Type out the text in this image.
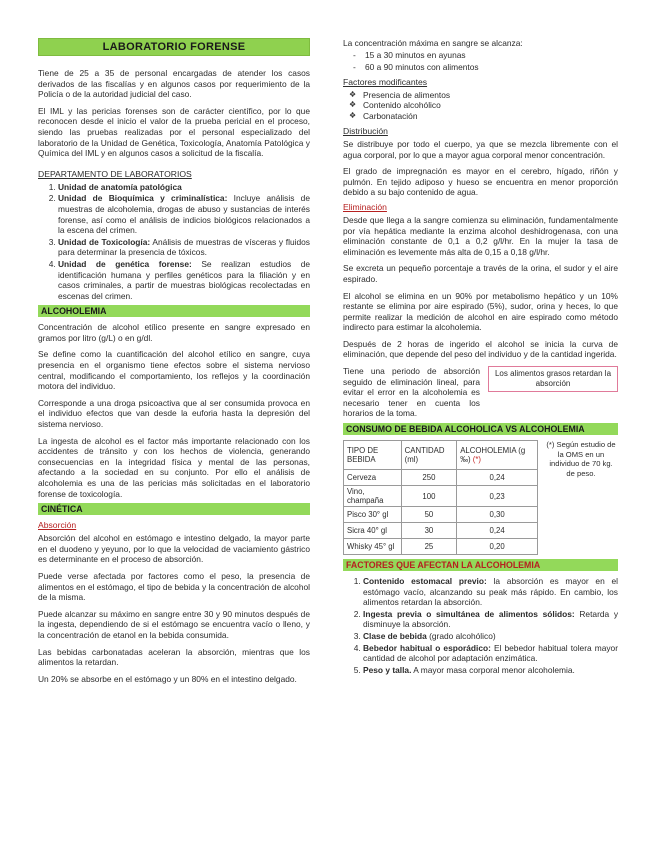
LABORATORIO FORENSE

Tiene de 25 a 35 de personal encargadas de atender los casos derivados de las fiscalías y en algunos casos por requerimiento de la Policía o de la autoridad judicial del caso.

El IML y las pericias forenses son de carácter científico, por lo que reconocen desde el inicio el valor de la prueba pericial en el proceso, siendo las pruebas realizadas por el personal especializado del laboratorio de la Unidad de Genética, Toxicología, Anatomía Patológica y Química del IML y en algunos casos a solicitud de la fiscalía.

DEPARTAMENTO DE LABORATORIOS
1. Unidad de anatomía patológica
2. Unidad de Bioquímica y criminalística: Incluye análisis de muestras de alcoholemia, drogas de abuso y sustancias de interés forense, así como el análisis de indicios biológicos relacionados a la escena del crimen.
3. Unidad de Toxicología: Análisis de muestras de vísceras y fluidos para determinar la presencia de tóxicos.
4. Unidad de genética forense: Se realizan estudios de identificación humana y perfiles genéticos para la filiación y en casos criminales, a partir de muestras biológicas recolectadas en escenas del crimen.
ALCOHOLEMIA

Concentración de alcohol etílico presente en sangre expresado en gramos por litro (g/L) o en g/dl.

Se define como la cuantificación del alcohol etílico en sangre, cuya presencia en el organismo tiene efectos sobre el sistema nervioso central, modificando el comportamiento, los reflejos y la coordinación motora del individuo.

Corresponde a una droga psicoactiva que al ser consumida provoca en el individuo efectos que van desde la euforia hasta la depresión del sistema nervioso.

La ingesta de alcohol es el factor más importante relacionado con los accidentes de tránsito y con los hechos de violencia, generando consecuencias en la integridad física y mental de las personas, afectando a la sociedad en su conjunto. Por ello el análisis de alcoholemia es una de las pericias más solicitadas en el laboratorio forense de toxicología.

CINÉTICA
Absorción

Absorción del alcohol en estómago e intestino delgado, la mayor parte en el duodeno y yeyuno, por lo que la velocidad de vaciamiento gástrico es determinante en el proceso de absorción.

Puede verse afectada por factores como el peso, la presencia de alimentos en el estómago, el tipo de bebida y la concentración de alcohol de la misma.

Puede alcanzar su máximo en sangre entre 30 y 90 minutos después de la ingesta, dependiendo de si el estómago se encuentra vacío o lleno, y la concentración de etanol en la bebida consumida.

Las bebidas carbonatadas aceleran la absorción, mientras que los alimentos la retardan.

Un 20% se absorbe en el estómago y un 80% en el intestino delgado.

La concentración máxima en sangre se alcanza:

- 15 a 30 minutos en ayunas
- 60 a 90 minutos con alimentos
Factores modificantes
❖ Presencia de alimentos
❖ Contenido alcohólico
❖ Carbonatación
Distribución

Se distribuye por todo el cuerpo, ya que se mezcla libremente con el agua corporal, por lo que a mayor agua corporal menor concentración.

El grado de impregnación es mayor en el cerebro, hígado, riñón y pulmón. En tejido adiposo y hueso se encuentra en menor proporción debido a su bajo contenido de agua.

Eliminación

Desde que llega a la sangre comienza su eliminación, fundamentalmente por vía hepática mediante la enzima alcohol deshidrogenasa, con una eliminación constante de 0,1 a 0,2 g/l/hr. En la mujer la tasa de eliminación es levemente más alta de 0,15 a 0,18 g/l/hr.

Se excreta un pequeño porcentaje a través de la orina, el sudor y el aire espirado.

El alcohol se elimina en un 90% por metabolismo hepático y un 10% restante se elimina por aire espirado (5%), sudor, orina y heces, lo que permite realizar la medición de alcohol en aire espirado como método indirecto para estimar la alcoholemia.

Después de 2 horas de ingerido el alcohol se inicia la curva de eliminación, que depende del peso del individuo y de la cantidad ingerida.

Tiene una periodo de absorción seguido de eliminación lineal, para evitar el error en la alcoholemia es necesario tener en cuenta los horarios de la toma.

Los alimentos grasos retardan la absorción
CONSUMO DE BEBIDA ALCOHOLICA VS ALCOHOLEMIA
TIPO DE BEBIDA	CANTIDAD (ml)	ALCOHOLEMIA (g ‰) (*)
Cerveza	250	0,24
Vino, champaña	100	0,23
Pisco 30° gl	50	0,30
Sicra 40° gl	30	0,24
Whisky 45° gl	25	0,20

(*) Según estudio de la OMS en un individuo de 70 kg. de peso.

FACTORES QUE AFECTAN LA ALCOHOLEMIA
1. Contenido estomacal previo: la absorción es mayor en el estómago vacío, alcanzando su peak más rápido. En cambio, los alimentos retardan la absorción.
2. Ingesta previa o simultánea de alimentos sólidos: Retarda y disminuye la absorción.
3. Clase de bebida (grado alcohólico)
4. Bebedor habitual o esporádico: El bebedor habitual tolera mayor cantidad de alcohol por adaptación enzimática.
5. Peso y talla. A mayor masa corporal menor alcoholemia.
